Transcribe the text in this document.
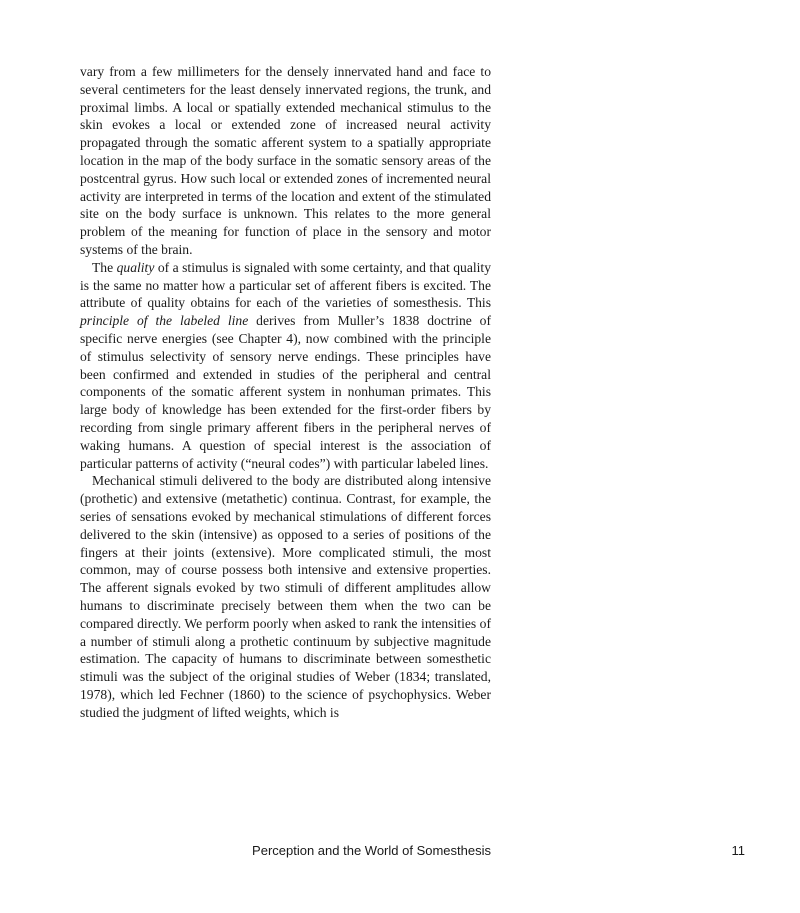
vary from a few millimeters for the densely innervated hand and face to several centimeters for the least densely innervated regions, the trunk, and proximal limbs. A local or spatially extended mechanical stimulus to the skin evokes a local or extended zone of increased neural activity propagated through the somatic afferent system to a spatially appropriate location in the map of the body surface in the somatic sensory areas of the postcentral gyrus. How such local or extended zones of incremented neural activity are interpreted in terms of the location and extent of the stimulated site on the body surface is unknown. This relates to the more general problem of the meaning for function of place in the sensory and motor systems of the brain.

The quality of a stimulus is signaled with some certainty, and that quality is the same no matter how a particular set of afferent fibers is excited. The attribute of quality obtains for each of the varieties of somesthesis. This principle of the labeled line derives from Muller’s 1838 doctrine of specific nerve energies (see Chapter 4), now combined with the principle of stimulus selectivity of sensory nerve endings. These principles have been confirmed and extended in studies of the peripheral and central components of the somatic afferent system in nonhuman primates. This large body of knowledge has been extended for the first-order fibers by recording from single primary afferent fibers in the peripheral nerves of waking humans. A question of special interest is the association of particular patterns of activity (“neural codes”) with particular labeled lines.

Mechanical stimuli delivered to the body are distributed along intensive (prothetic) and extensive (metathetic) continua. Contrast, for example, the series of sensations evoked by mechanical stimulations of different forces delivered to the skin (intensive) as opposed to a series of positions of the fingers at their joints (extensive). More complicated stimuli, the most common, may of course possess both intensive and extensive properties. The afferent signals evoked by two stimuli of different amplitudes allow humans to discriminate precisely between them when the two can be compared directly. We perform poorly when asked to rank the intensities of a number of stimuli along a prothetic continuum by subjective magnitude estimation. The capacity of humans to discriminate between somesthetic stimuli was the subject of the original studies of Weber (1834; translated, 1978), which led Fechner (1860) to the science of psychophysics. Weber studied the judgment of lifted weights, which is

Perception and the World of Somesthesis	11
